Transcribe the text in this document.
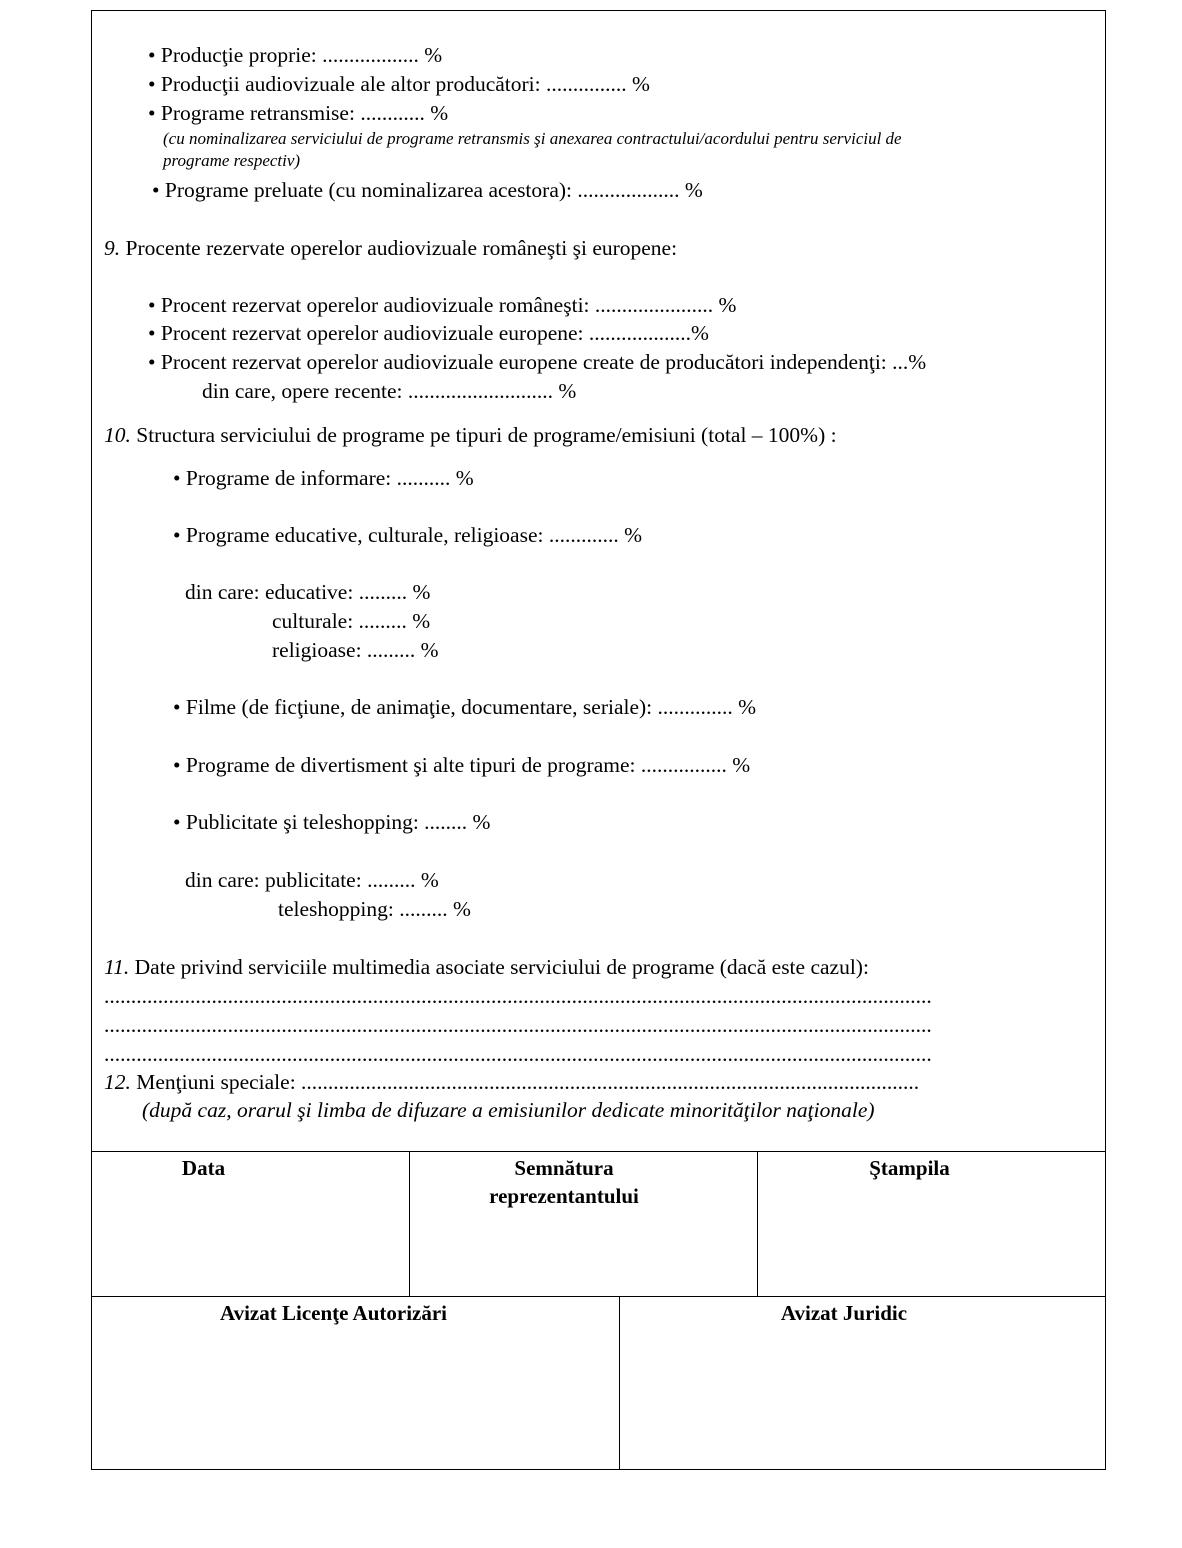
• Producţie proprie: .................. %
• Producţii audiovizuale ale altor producători: ............... %
• Programe retransmise: ............ %
(cu nominalizarea serviciului de programe retransmis şi anexarea contractului/acordului pentru serviciul de
programe respectiv)
• Programe preluate (cu nominalizarea acestora): ................... %
9. Procente rezervate operelor audiovizuale româneşti şi europene:
• Procent rezervat operelor audiovizuale româneşti: ...................... %
• Procent rezervat operelor audiovizuale europene: ...................%
• Procent rezervat operelor audiovizuale europene create de producători independenţi: ...%
din care, opere recente: ........................... %
10. Structura serviciului de programe pe tipuri de programe/emisiuni (total – 100%) :
• Programe de informare: .......... %
• Programe educative, culturale, religioase: ............. %
din care: educative: ......... %
culturale: ......... %
religioase: ......... %
• Filme (de ficţiune, de animaţie, documentare, seriale): .............. %
• Programe de divertisment şi alte tipuri de programe: ................ %
• Publicitate şi teleshopping: ........ %
din care: publicitate: ......... %
teleshopping: ......... %
11. Date privind serviciile multimedia asociate serviciului de programe (dacă este cazul):
..........................................................................................................................................................
..........................................................................................................................................................
..........................................................................................................................................................
12. Menţiuni speciale: ...................................................................................................................
(după caz, orarul şi limba de difuzare a emisiunilor dedicate minorităţilor naţionale)
Data	Semnătura
reprezentantului
Ştampila
Avizat Licenţe Autorizări	Avizat Juridic
